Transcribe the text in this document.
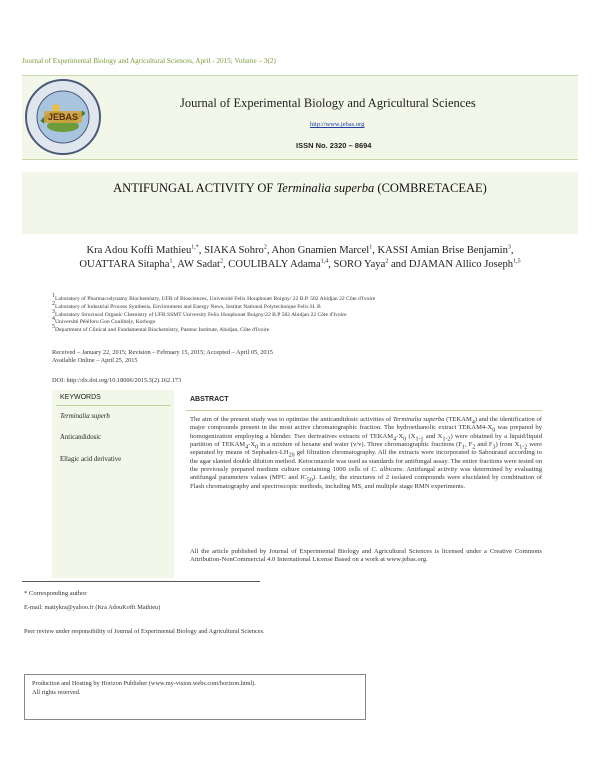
Journal of Experimental Biology and Agricultural Sciences, April - 2015; Volume – 3(2)
JEBAS
Journal of Experimental Biology and Agricultural Sciences
http://www.jebas.org
ISSN No. 2320 – 8694
ANTIFUNGAL ACTIVITY OF Terminalia superba (COMBRETACEAE)
Kra Adou Koffi Mathieu$^{1,*}$, SIAKA Sohro$^2$, Ahon Gnamien Marcel$^1$, KASSI Amian Brise Benjamin$^3$, OUATTARA Sitapha$^1$, AW Sadat$^2$, COULIBALY Adama$^{1,4}$, SORO Yaya$^2$ and DJAMAN Allico Joseph$^{1,5}$
$^1$Laboratory of Pharmacodynamy Biochemistry, UFR of Biosciences, Université Felix Houphouet Boigny/ 22 B.P. 582 Abidjan 22 Côte d'Ivoire
$^2$Laboratory of Industrial Process Synthesis, Environment and Energy News, Institut National Polytechnique Felix H. B
$^3$Laboratory Structural Organic Chemistry of UFR SSMT University Felix Houphouet Boigny/22 B.P 582 Abidjan 22 Côte d'Ivoire
$^4$Université Péléforo Gon Coulibaly, Korhogo
$^5$Department of Clinical and Fundamental Biochemistry, Pasteur Institute, Abidjan, Côte d'Ivoire
Received – January 22, 2015; Revision – February 15, 2015; Accepted – April 05, 2015
Available Online – April 25, 2015
DOI: http://dx.doi.org/10.18006/2015.3(2).162.173
KEYWORDS
Terminalia superb
Anticandidosic
Ellagic acid derivative
ABSTRACT
The aim of the present study was to optimize the anticandidosic activities of Terminalia superba $(TEKAM_4)$ and the identification of major compounds present in the most active chromatographic fraction. The hydroethanolic extract $TEKAM4-X_0$ was prepared by homogenization employing a blender. Two derivatives extracts of $TEKAM_4-X_0$ ($X_{1-1}$ and $X_{1-2}$) were obtained by a liquid/liquid partition of $TEKAM_4-X_0$ in a mixture of hexane and water (v/v). Three chromatographic fractions ($F_1$, $F_2$ and $F_3$) from $X_{1-2}$ were separated by means of Sephadex-$LH_{20}$ gel filtration chromatography. All the extracts were incorporated to Sabouraud according to the agar slanted double dilution method. Ketoconazole was used as standards for antifungal assay. The entire fractions were tested on the previously prepared medium culture containing 1000 cells of C. albicans. Antifungal activity was determined by evaluating antifungal parameters values (MFC and $IC_{50}$). Lastly, the structures of 2 isolated compounds were elucidated by combination of Flash chromatography and spectroscopic methods, including MS, and multiple stage RMN experiments.
All the article published by Journal of Experimental Biology and Agricultural Sciences is licensed under a Creative Commons Attribution-NonCommercial 4.0 International License Based on a work at www.jebas.org.
* Corresponding author
E-mail: mattykra@yahoo.fr (Kra AdouKoffi Mathieu)
Peer review under responsibility of Journal of Experimental Biology and Agricultural Sciences.
Production and Hosting by Horizon Publisher (www.my-vision.webs.com/horizon.html).
All rights reserved.
